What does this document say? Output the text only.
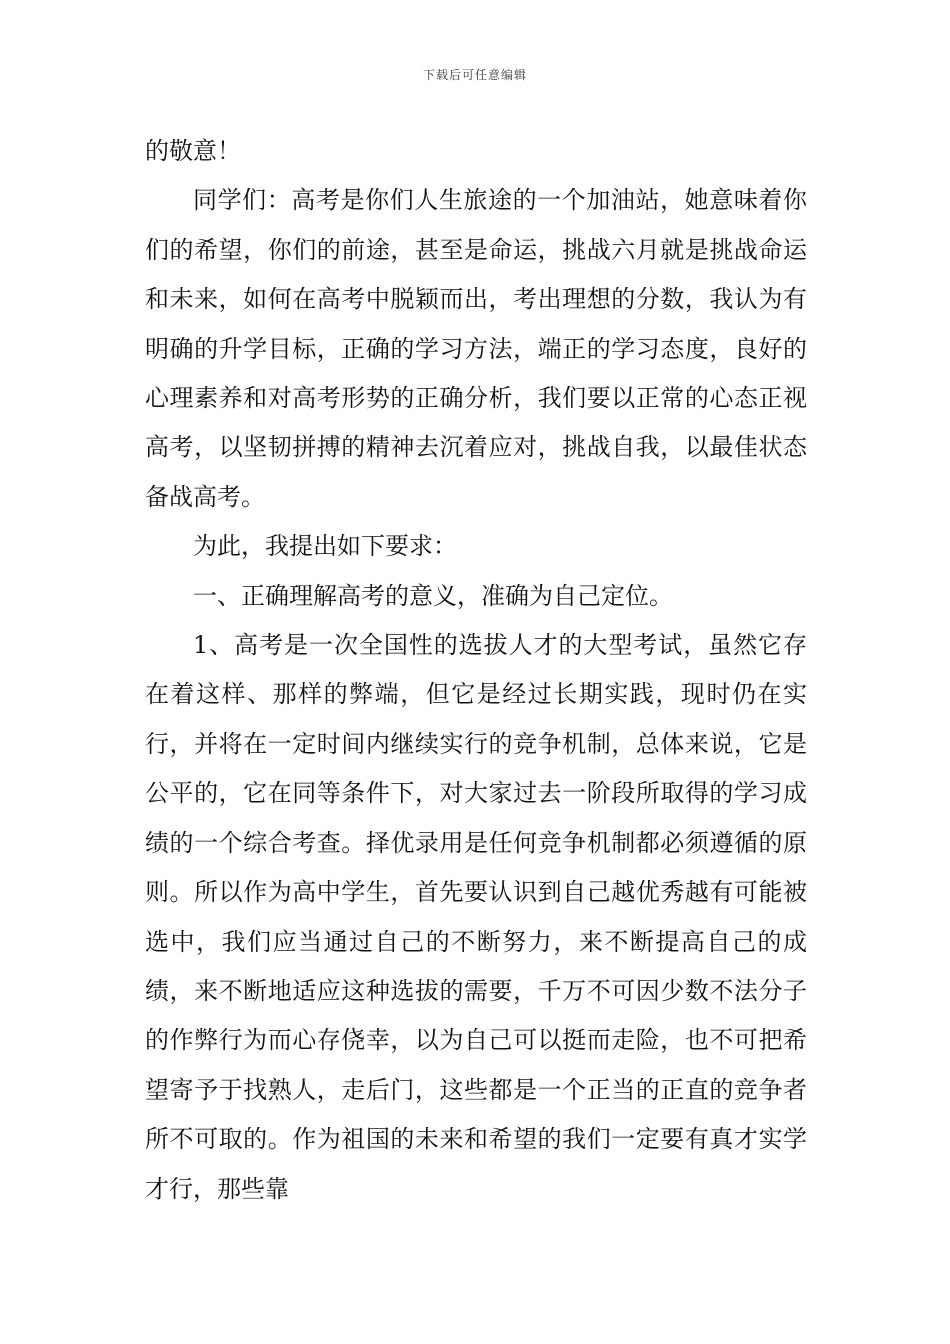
下载后可任意编辑

的敬意！

同学们：高考是你们人生旅途的一个加油站，她意味着你们的希望，你们的前途，甚至是命运，挑战六月就是挑战命运和未来，如何在高考中脱颖而出，考出理想的分数，我认为有明确的升学目标，正确的学习方法，端正的学习态度，良好的心理素养和对高考形势的正确分析，我们要以正常的心态正视高考，以坚韧拼搏的精神去沉着应对，挑战自我，以最佳状态备战高考。

为此，我提出如下要求：

一、正确理解高考的意义，准确为自己定位。

1、高考是一次全国性的选拔人才的大型考试，虽然它存在着这样、那样的弊端，但它是经过长期实践，现时仍在实行，并将在一定时间内继续实行的竞争机制，总体来说，它是公平的，它在同等条件下，对大家过去一阶段所取得的学习成绩的一个综合考查。择优录用是任何竞争机制都必须遵循的原则。所以作为高中学生，首先要认识到自己越优秀越有可能被选中，我们应当通过自己的不断努力，来不断提高自己的成绩，来不断地适应这种选拔的需要，千万不可因少数不法分子的作弊行为而心存侥幸，以为自己可以挺而走险，也不可把希望寄予于找熟人，走后门，这些都是一个正当的正直的竞争者所不可取的。作为祖国的未来和希望的我们一定要有真才实学才行，那些靠
